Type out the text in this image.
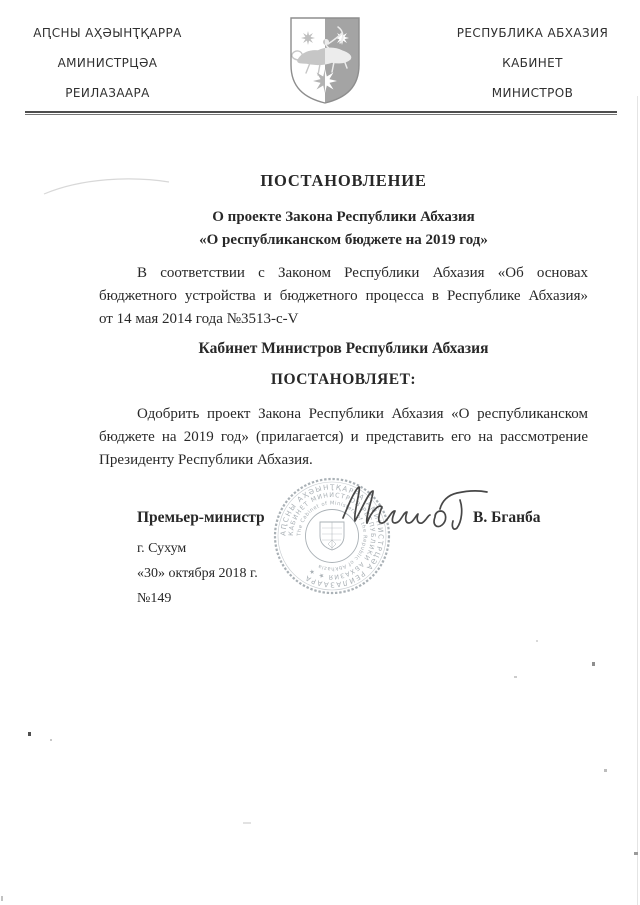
АԤСНЫ АҲӘЫНҬҚАРРА
АМИНИСТРЦӘА
РЕИЛАЗААРА
РЕСПУБЛИКА АБХАЗИЯ
КАБИНЕТ
МИНИСТРОВ
ПОСТАНОВЛЕНИЕ
О проекте Закона Республики Абхазия
«О республиканском бюджете на 2019 год»
В соответствии с Законом Республики Абхазия «Об основах
бюджетного устройства и бюджетного процесса в Республике Абхазия»
от 14 мая 2014 года №3513-с-V
Кабинет Министров Республики Абхазия
ПОСТАНОВЛЯЕТ:
Одобрить проект Закона Республики Абхазия «О республиканском
бюджете на 2019 год» (прилагается) и представить его на рассмотрение
Президенту Республики Абхазия.
Премьер-министр
АԤСНЫ АҲӘЫНҬҚАРРА АМИНИСТРЦӘА РЕИЛАЗААРА
КАБИНЕТ МИНИСТРОВ РЕСПУБЛИКИ АБХАЗИЯ ★ ★
The Cabinet of Ministers of the Republic of Abkhazia
В. Бганба
г. Сухум
«30» октября 2018 г.
№149
